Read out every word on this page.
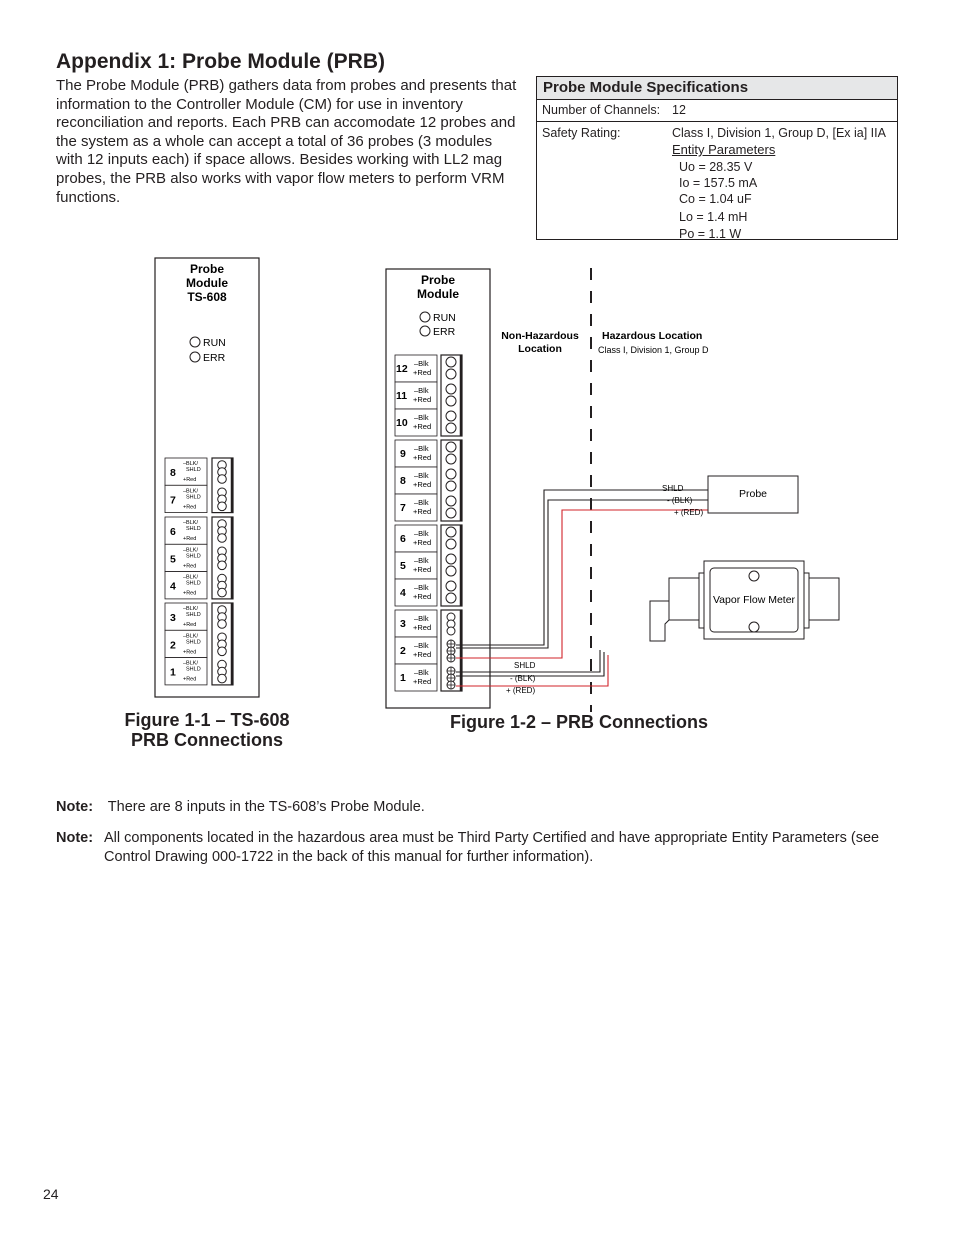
Appendix 1: Probe Module (PRB)

The Probe Module (PRB) gathers data from probes and presents that information to the Controller Module (CM) for use in inventory reconciliation and reports. Each PRB can accomodate 12 probes and the system as a whole can accept a total of 36 probes (3 modules with 12 inputs each) if space allows. Besides working with LL2 mag probes, the PRB also works with vapor flow meters to perform VRM functions.

Probe Module Specifications
Number of Channels: 12
Safety Rating:	Class I, Division 1, Group D, [Ex ia] IIA
Entity Parameters
Uo = 28.35 V
Io = 157.5 mA
Co = 1.04 uF
Lo = 1.4 mH
Po = 1.1 W
Probe
Module
TS-608
RUN
ERR
8
–BLK/
SHLD
+Red
7
–BLK/
SHLD
+Red
6
–BLK/
SHLD
+Red
5
–BLK/
SHLD
+Red
4
–BLK/
SHLD
+Red
3
–BLK/
SHLD
+Red
2
–BLK/
SHLD
+Red
1
–BLK/
SHLD
+Red
Probe
Module
RUN
ERR
12 –Blk
+Red
11 –Blk
+Red
10 –Blk
+Red
9 –Blk
+Red
8 –Blk
+Red
7 –Blk
+Red
6 –Blk
+Red
5 –Blk
+Red
4 –Blk
+Red
3 –Blk
+Red
2 –Blk
+Red
1 –Blk
+Red
Non-Hazardous
Location
Hazardous Location
Class I, Division 1, Group D
Probe
SHLD
- (BLK)
+ (RED)
SHLD
- (BLK)
+ (RED)
Vapor Flow Meter
Figure 1-1 – TS-608
PRB Connections
Figure 1-2 – PRB Connections
Note: There are 8 inputs in the TS-608’s Probe Module.
Note: All components located in the hazardous area must be Third Party Certified and have appropriate Entity Parameters (see Control Drawing 000-1722 in the back of this manual for further information).
24
